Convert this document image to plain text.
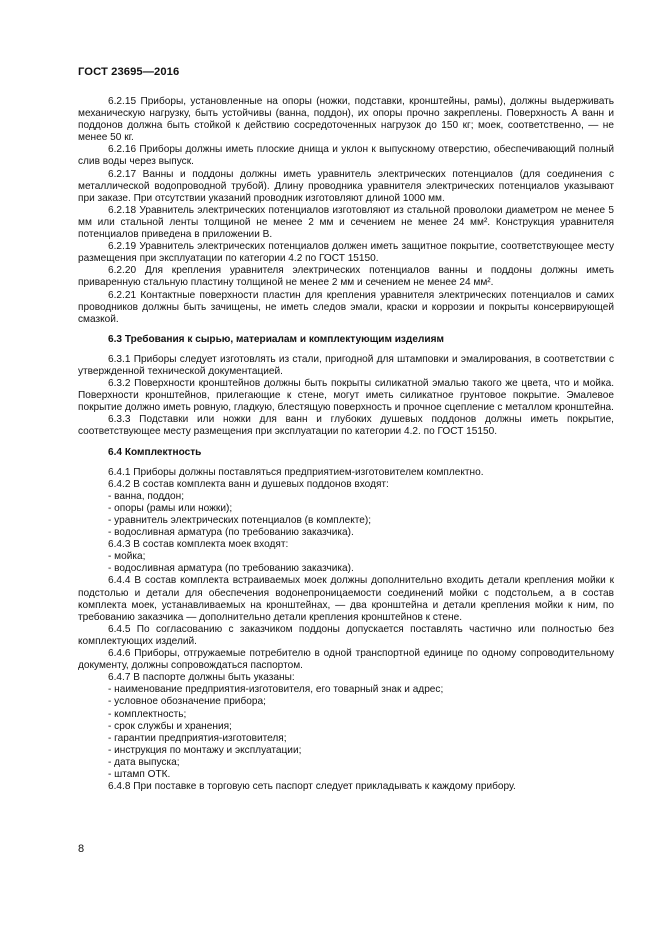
ГОСТ 23695—2016

6.2.15 Приборы, установленные на опоры (ножки, подставки, кронштейны, рамы), должны выдерживать механическую нагрузку, быть устойчивы (ванна, поддон), их опоры прочно закреплены. Поверхность А ванн и поддонов должна быть стойкой к действию сосредоточенных нагрузок до 150 кг; моек, соответственно, — не менее 50 кг.

6.2.16 Приборы должны иметь плоские днища и уклон к выпускному отверстию, обеспечивающий полный слив воды через выпуск.

6.2.17 Ванны и поддоны должны иметь уравнитель электрических потенциалов (для соединения с металлической водопроводной трубой). Длину проводника уравнителя электрических потенциалов указывают при заказе. При отсутствии указаний проводник изготовляют длиной 1000 мм.

6.2.18 Уравнитель электрических потенциалов изготовляют из стальной проволоки диаметром не менее 5 мм или стальной ленты толщиной не менее 2 мм и сечением не менее 24 мм². Конструкция уравнителя потенциалов приведена в приложении В.

6.2.19 Уравнитель электрических потенциалов должен иметь защитное покрытие, соответствующее месту размещения при эксплуатации по категории 4.2 по ГОСТ 15150.

6.2.20 Для крепления уравнителя электрических потенциалов ванны и поддоны должны иметь приваренную стальную пластину толщиной не менее 2 мм и сечением не менее 24 мм².

6.2.21 Контактные поверхности пластин для крепления уравнителя электрических потенциалов и самих проводников должны быть зачищены, не иметь следов эмали, краски и коррозии и покрыты консервирующей смазкой.

6.3 Требования к сырью, материалам и комплектующим изделиям

6.3.1 Приборы следует изготовлять из стали, пригодной для штамповки и эмалирования, в соответствии с утвержденной технической документацией.

6.3.2 Поверхности кронштейнов должны быть покрыты силикатной эмалью такого же цвета, что и мойка. Поверхности кронштейнов, прилегающие к стене, могут иметь силикатное грунтовое покрытие. Эмалевое покрытие должно иметь ровную, гладкую, блестящую поверхность и прочное сцепление с металлом кронштейна.

6.3.3 Подставки или ножки для ванн и глубоких душевых поддонов должны иметь покрытие, соответствующее месту размещения при эксплуатации по категории 4.2. по ГОСТ 15150.

6.4 Комплектность

6.4.1 Приборы должны поставляться предприятием-изготовителем комплектно.

6.4.2 В состав комплекта ванн и душевых поддонов входят:

- ванна, поддон;

- опоры (рамы или ножки);

- уравнитель электрических потенциалов (в комплекте);

- водосливная арматура (по требованию заказчика).

6.4.3 В состав комплекта моек входят:

- мойка;

- водосливная арматура (по требованию заказчика).

6.4.4 В состав комплекта встраиваемых моек должны дополнительно входить детали крепления мойки к подстолью и детали для обеспечения водонепроницаемости соединений мойки с подстольем, а в состав комплекта моек, устанавливаемых на кронштейнах, — два кронштейна и детали крепления мойки к ним, по требованию заказчика — дополнительно детали крепления кронштейнов к стене.

6.4.5 По согласованию с заказчиком поддоны допускается поставлять частично или полностью без комплектующих изделий.

6.4.6 Приборы, отгружаемые потребителю в одной транспортной единице по одному сопроводительному документу, должны сопровождаться паспортом.

6.4.7 В паспорте должны быть указаны:

- наименование предприятия-изготовителя, его товарный знак и адрес;

- условное обозначение прибора;

- комплектность;

- срок службы и хранения;

- гарантии предприятия-изготовителя;

- инструкция по монтажу и эксплуатации;

- дата выпуска;

- штамп ОТК.

6.4.8 При поставке в торговую сеть паспорт следует прикладывать к каждому прибору.

8
